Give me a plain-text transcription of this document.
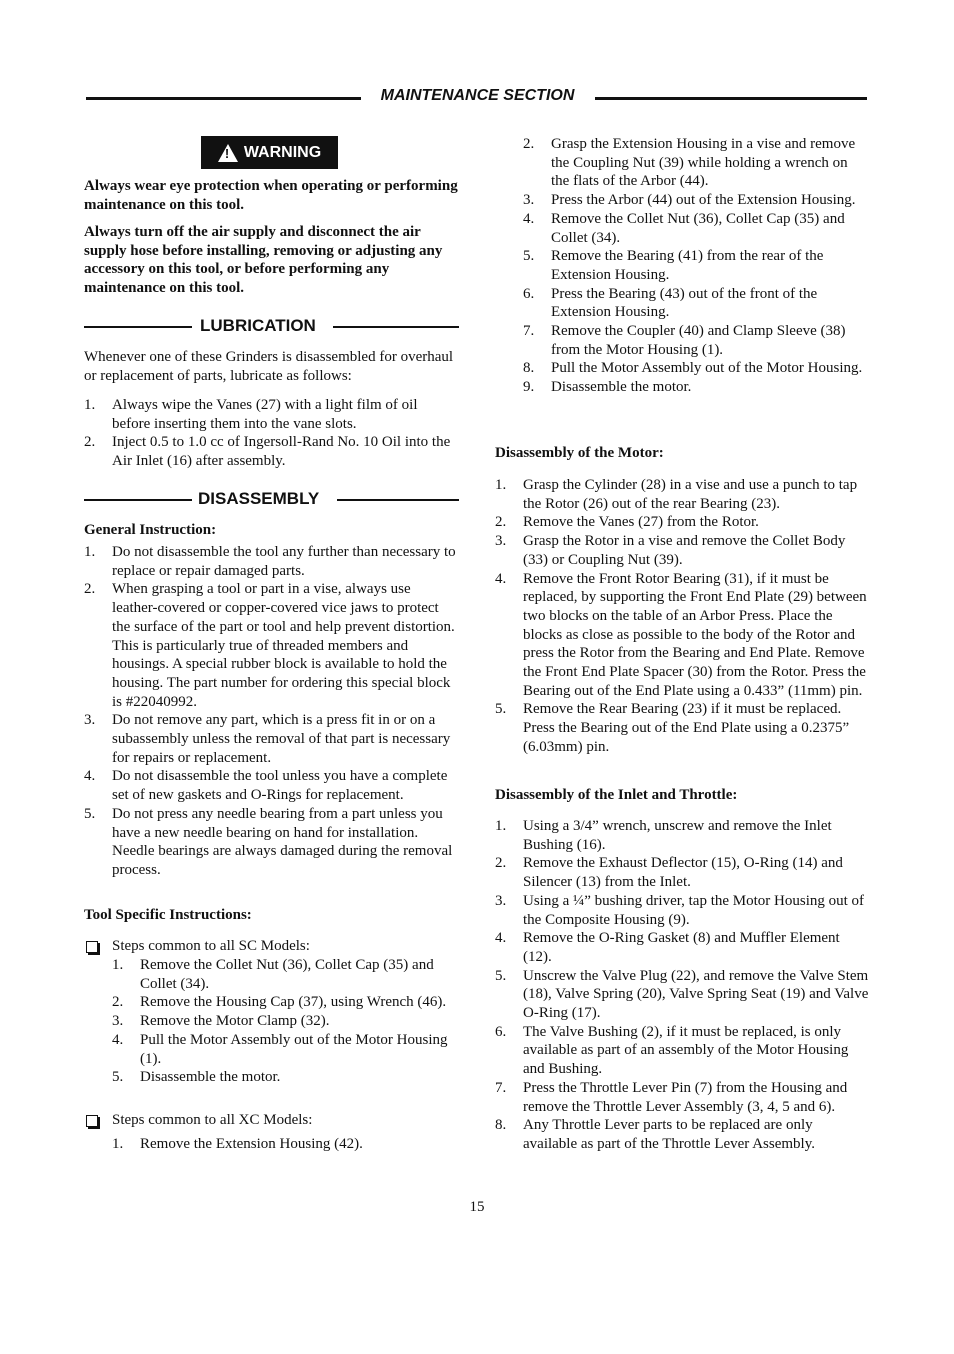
MAINTENANCE SECTION
! WARNING

Always wear eye protection when operating or performing maintenance on this tool.

Always turn off the air supply and disconnect the air supply hose before installing, removing or adjusting any accessory on this tool, or before performing any maintenance on this tool.

LUBRICATION

Whenever one of these Grinders is disassembled for overhaul or replacement of parts, lubricate as follows:

1. Always wipe the Vanes (27) with a light film of oil before inserting them into the vane slots.
2. Inject 0.5 to 1.0 cc of Ingersoll-Rand No. 10 Oil into the Air Inlet (16) after assembly.
DISASSEMBLY

General Instruction:

1. Do not disassemble the tool any further than necessary to replace or repair damaged parts.
2. When grasping a tool or part in a vise, always use leather-covered or copper-covered vice jaws to protect the surface of the part or tool and help prevent distortion. This is particularly true of threaded members and housings. A special rubber block is available to hold the housing. The part number for ordering this special block is #22040992.
3. Do not remove any part, which is a press fit in or on a subassembly unless the removal of that part is necessary for repairs or replacement.
4. Do not disassemble the tool unless you have a complete set of new gaskets and O-Rings for replacement.
5. Do not press any needle bearing from a part unless you have a new needle bearing on hand for installation. Needle bearings are always damaged during the removal process.

Tool Specific Instructions:

Steps common to all SC Models:

1. Remove the Collet Nut (36), Collet Cap (35) and Collet (34).
2. Remove the Housing Cap (37), using Wrench (46).
3. Remove the Motor Clamp (32).
4. Pull the Motor Assembly out of the Motor Housing (1).
5. Disassemble the motor.

Steps common to all XC Models:

1. Remove the Extension Housing (42).
2. Grasp the Extension Housing in a vise and remove the Coupling Nut (39) while holding a wrench on the flats of the Arbor (44).
3. Press the Arbor (44) out of the Extension Housing.
4. Remove the Collet Nut (36), Collet Cap (35) and Collet (34).
5. Remove the Bearing (41) from the rear of the Extension Housing.
6. Press the Bearing (43) out of the front of the Extension Housing.
7. Remove the Coupler (40) and Clamp Sleeve (38) from the Motor Housing (1).
8. Pull the Motor Assembly out of the Motor Housing.
9. Disassemble the motor.

Disassembly of the Motor:

1. Grasp the Cylinder (28) in a vise and use a punch to tap the Rotor (26) out of the rear Bearing (23).
2. Remove the Vanes (27) from the Rotor.
3. Grasp the Rotor in a vise and remove the Collet Body (33) or Coupling Nut (39).
4. Remove the Front Rotor Bearing (31), if it must be replaced, by supporting the Front End Plate (29) between two blocks on the table of an Arbor Press. Place the blocks as close as possible to the body of the Rotor and press the Rotor from the Bearing and End Plate. Remove the Front End Plate Spacer (30) from the Rotor. Press the Bearing out of the End Plate using a 0.433” (11mm) pin.
5. Remove the Rear Bearing (23) if it must be replaced. Press the Bearing out of the End Plate using a 0.2375” (6.03mm) pin.

Disassembly of the Inlet and Throttle:

1. Using a 3/4” wrench, unscrew and remove the Inlet Bushing (16).
2. Remove the Exhaust Deflector (15), O-Ring (14) and Silencer (13) from the Inlet.
3. Using a ¼” bushing driver, tap the Motor Housing out of the Composite Housing (9).
4. Remove the O-Ring Gasket (8) and Muffler Element (12).
5. Unscrew the Valve Plug (22), and remove the Valve Stem (18), Valve Spring (20), Valve Spring Seat (19) and Valve O-Ring (17).
6. The Valve Bushing (2), if it must be replaced, is only available as part of an assembly of the Motor Housing and Bushing.
7. Press the Throttle Lever Pin (7) from the Housing and remove the Throttle Lever Assembly (3, 4, 5 and 6).
8. Any Throttle Lever parts to be replaced are only available as part of the Throttle Lever Assembly.
15
